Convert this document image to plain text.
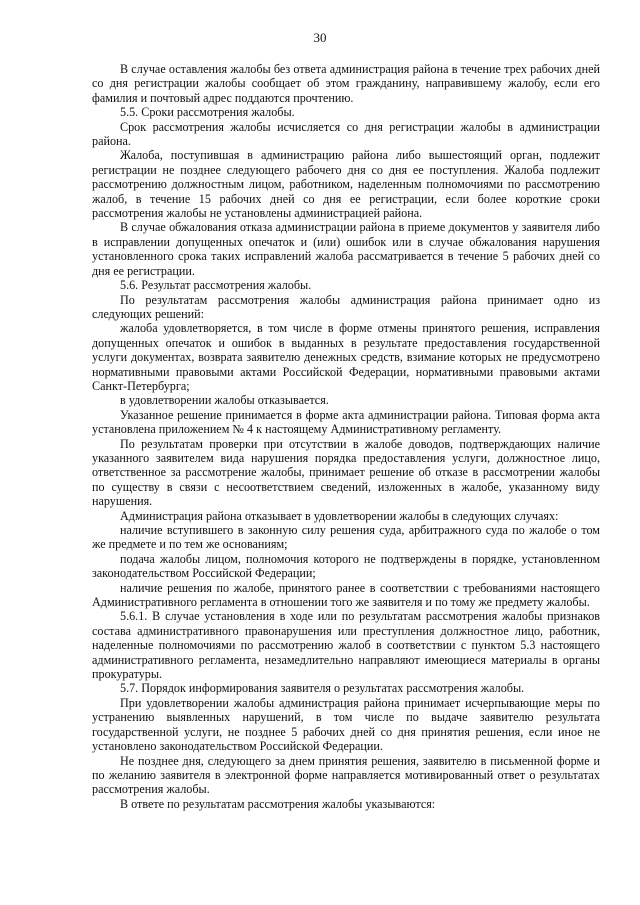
30

В случае оставления жалобы без ответа администрация района в течение трех рабочих дней со дня регистрации жалобы сообщает об этом гражданину, направившему жалобу, если его фамилия и почтовый адрес поддаются прочтению.

5.5. Сроки рассмотрения жалобы.

Срок рассмотрения жалобы исчисляется со дня регистрации жалобы в администрации района.

Жалоба, поступившая в администрацию района либо вышестоящий орган, подлежит регистрации не позднее следующего рабочего дня со дня ее поступления. Жалоба подлежит рассмотрению должностным лицом, работником, наделенным полномочиями по рассмотрению жалоб, в течение 15 рабочих дней со дня ее регистрации, если более короткие сроки рассмотрения жалобы не установлены администрацией района.

В случае обжалования отказа администрации района в приеме документов у заявителя либо в исправлении допущенных опечаток и (или) ошибок или в случае обжалования нарушения установленного срока таких исправлений жалоба рассматривается в течение 5 рабочих дней со дня ее регистрации.

5.6. Результат рассмотрения жалобы.

По результатам рассмотрения жалобы администрация района принимает одно из следующих решений:

жалоба удовлетворяется, в том числе в форме отмены принятого решения, исправления допущенных опечаток и ошибок в выданных в результате предоставления государственной услуги документах, возврата заявителю денежных средств, взимание которых не предусмотрено нормативными правовыми актами Российской Федерации, нормативными правовыми актами Санкт-Петербурга;

в удовлетворении жалобы отказывается.

Указанное решение принимается в форме акта администрации района. Типовая форма акта установлена приложением № 4 к настоящему Административному регламенту.

По результатам проверки при отсутствии в жалобе доводов, подтверждающих наличие указанного заявителем вида нарушения порядка предоставления услуги, должностное лицо, ответственное за рассмотрение жалобы, принимает решение об отказе в рассмотрении жалобы по существу в связи с несоответствием сведений, изложенных в жалобе, указанному виду нарушения.

Администрация района отказывает в удовлетворении жалобы в следующих случаях:

наличие вступившего в законную силу решения суда, арбитражного суда по жалобе о том же предмете и по тем же основаниям;

подача жалобы лицом, полномочия которого не подтверждены в порядке, установленном законодательством Российской Федерации;

наличие решения по жалобе, принятого ранее в соответствии с требованиями настоящего Административного регламента в отношении того же заявителя и по тому же предмету жалобы.

5.6.1. В случае установления в ходе или по результатам рассмотрения жалобы признаков состава административного правонарушения или преступления должностное лицо, работник, наделенные полномочиями по рассмотрению жалоб в соответствии с пунктом 5.3 настоящего административного регламента, незамедлительно направляют имеющиеся материалы в органы прокуратуры.

5.7. Порядок информирования заявителя о результатах рассмотрения жалобы.

При удовлетворении жалобы администрация района принимает исчерпывающие меры по устранению выявленных нарушений, в том числе по выдаче заявителю результата государственной услуги, не позднее 5 рабочих дней со дня принятия решения, если иное не установлено законодательством Российской Федерации.

Не позднее дня, следующего за днем принятия решения, заявителю в письменной форме и по желанию заявителя в электронной форме направляется мотивированный ответ о результатах рассмотрения жалобы.

В ответе по результатам рассмотрения жалобы указываются:
